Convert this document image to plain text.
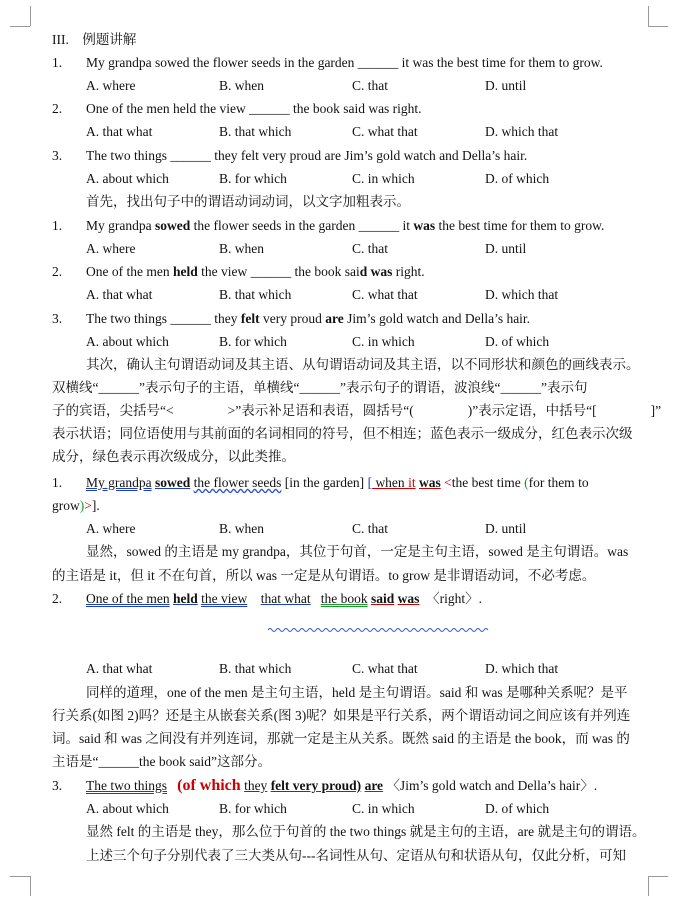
III.　例题讲解
1. My grandpa sowed the flower seeds in the garden ______ it was the best time for them to grow.
A. where	B. when	C. that	D. until
2. One of the men held the view ______ the book said was right.
A. that what	B. that which	C. what that	D. which that
3. The two things ______ they felt very proud are Jim’s gold watch and Della’s hair.
A. about which	B. for which	C. in which	D. of which
首先，找出句子中的谓语动词动词，以文字加粗表示。
1. My grandpa sowed the flower seeds in the garden ______ it was the best time for them to grow.
A. where	B. when	C. that	D. until
2. One of the men held the view ______ the book said was right.
A. that what	B. that which	C. what that	D. which that
3. The two things ______ they felt very proud are Jim’s gold watch and Della’s hair.
A. about which	B. for which	C. in which	D. of which
其次，确认主句谓语动词及其主语、从句谓语动词及其主语，以不同形状和颜色的画线表示。
双横线“______”表示句子的主语，单横线“______”表示句子的谓语，波浪线“______”表示句
子的宾语，尖括号“<　　　　>”表示补足语和表语，圆括号“(　　　　)”表示定语，中括号“[　　　　]”
表示状语；同位语使用与其前面的名词相同的符号，但不相连；蓝色表示一级成分，红色表示次级
成分，绿色表示再次级成分，以此类推。
1. My grandpa sowed the flower seeds [in the garden] [ when it was <the best time (for them to
grow)>].
A. where	B. when	C. that	D. until
显然，sowed 的主语是 my grandpa，其位于句首，一定是主句主语，sowed 是主句谓语。was
的主语是 it，但 it 不在句首，所以 was 一定是从句谓语。to grow 是非谓语动词，不必考虑。
2. One of the men held the view that what the book said was 〈right〉.
A. that what	B. that which	C. what that	D. which that
同样的道理，one of the men 是主句主语，held 是主句谓语。said 和 was 是哪种关系呢？是平
行关系(如图 2)吗？还是主从嵌套关系(图 3)呢？如果是平行关系，两个谓语动词之间应该有并列连
词。said 和 was 之间没有并列连词，那就一定是主从关系。既然 said 的主语是 the book，而 was 的
主语是“______the book said”这部分。
3. The two things (of which they felt very proud) are 〈Jim’s gold watch and Della’s hair〉.
A. about which	B. for which	C. in which	D. of which
显然 felt 的主语是 they，那么位于句首的 the two things 就是主句的主语，are 就是主句的谓语。
上述三个句子分别代表了三大类从句---名词性从句、定语从句和状语从句，仅此分析，可知
